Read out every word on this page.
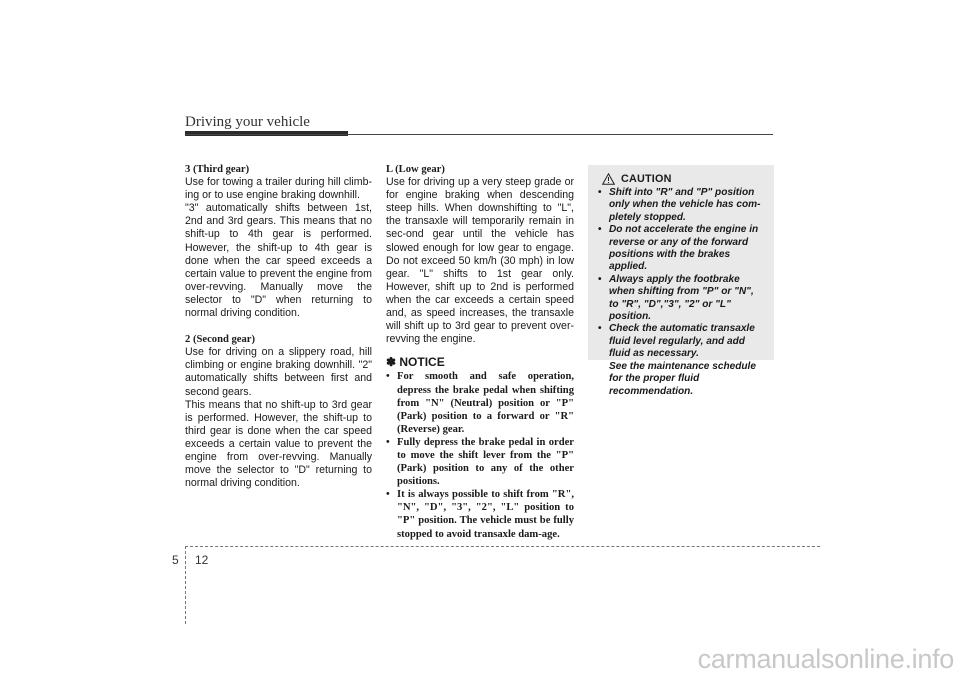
Driving your vehicle
3 (Third gear)

Use for towing a trailer during hill climb-ing or to use engine braking downhill.

"3" automatically shifts between 1st, 2nd and 3rd gears. This means that no shift-up to 4th gear is performed. However, the shift-up to 4th gear is done when the car speed exceeds a certain value to prevent the engine from over-revving. Manually move the selector to "D" when returning to normal driving condition.

2 (Second gear)

Use for driving on a slippery road, hill climbing or engine braking downhill. "2" automatically shifts between first and second gears.

This means that no shift-up to 3rd gear is performed. However, the shift-up to third gear is done when the car speed exceeds a certain value to prevent the engine from over-revving. Manually move the selector to "D" returning to normal driving condition.

L (Low gear)

Use for driving up a very steep grade or for engine braking when descending steep hills. When downshifting to "L", the transaxle will temporarily remain in sec-ond gear until the vehicle has slowed enough for low gear to engage. Do not exceed 50 km/h (30 mph) in low gear. "L" shifts to 1st gear only. However, shift up to 2nd is performed when the car exceeds a certain speed and, as speed increases, the transaxle will shift up to 3rd gear to prevent over-revving the engine.

✽ NOTICE
• For smooth and safe operation, depress the brake pedal when shifting from "N" (Neutral) position or "P" (Park) position to a forward or "R" (Reverse) gear.
• Fully depress the brake pedal in order to move the shift lever from the "P" (Park) position to any of the other positions.
• It is always possible to shift from "R", "N", "D", "3", "2", "L" position to "P" position. The vehicle must be fully stopped to avoid transaxle dam-age.
CAUTION
• Shift into "R" and "P" position only when the vehicle has com-pletely stopped.
• Do not accelerate the engine in reverse or any of the forward positions with the brakes applied.
• Always apply the footbrake when shifting from "P" or "N", to "R", "D","3", "2" or "L" position.
• Check the automatic transaxle fluid level regularly, and add fluid as necessary.
See the maintenance schedule for the proper fluid recommendation.
5 12
carmanualsonline.info
